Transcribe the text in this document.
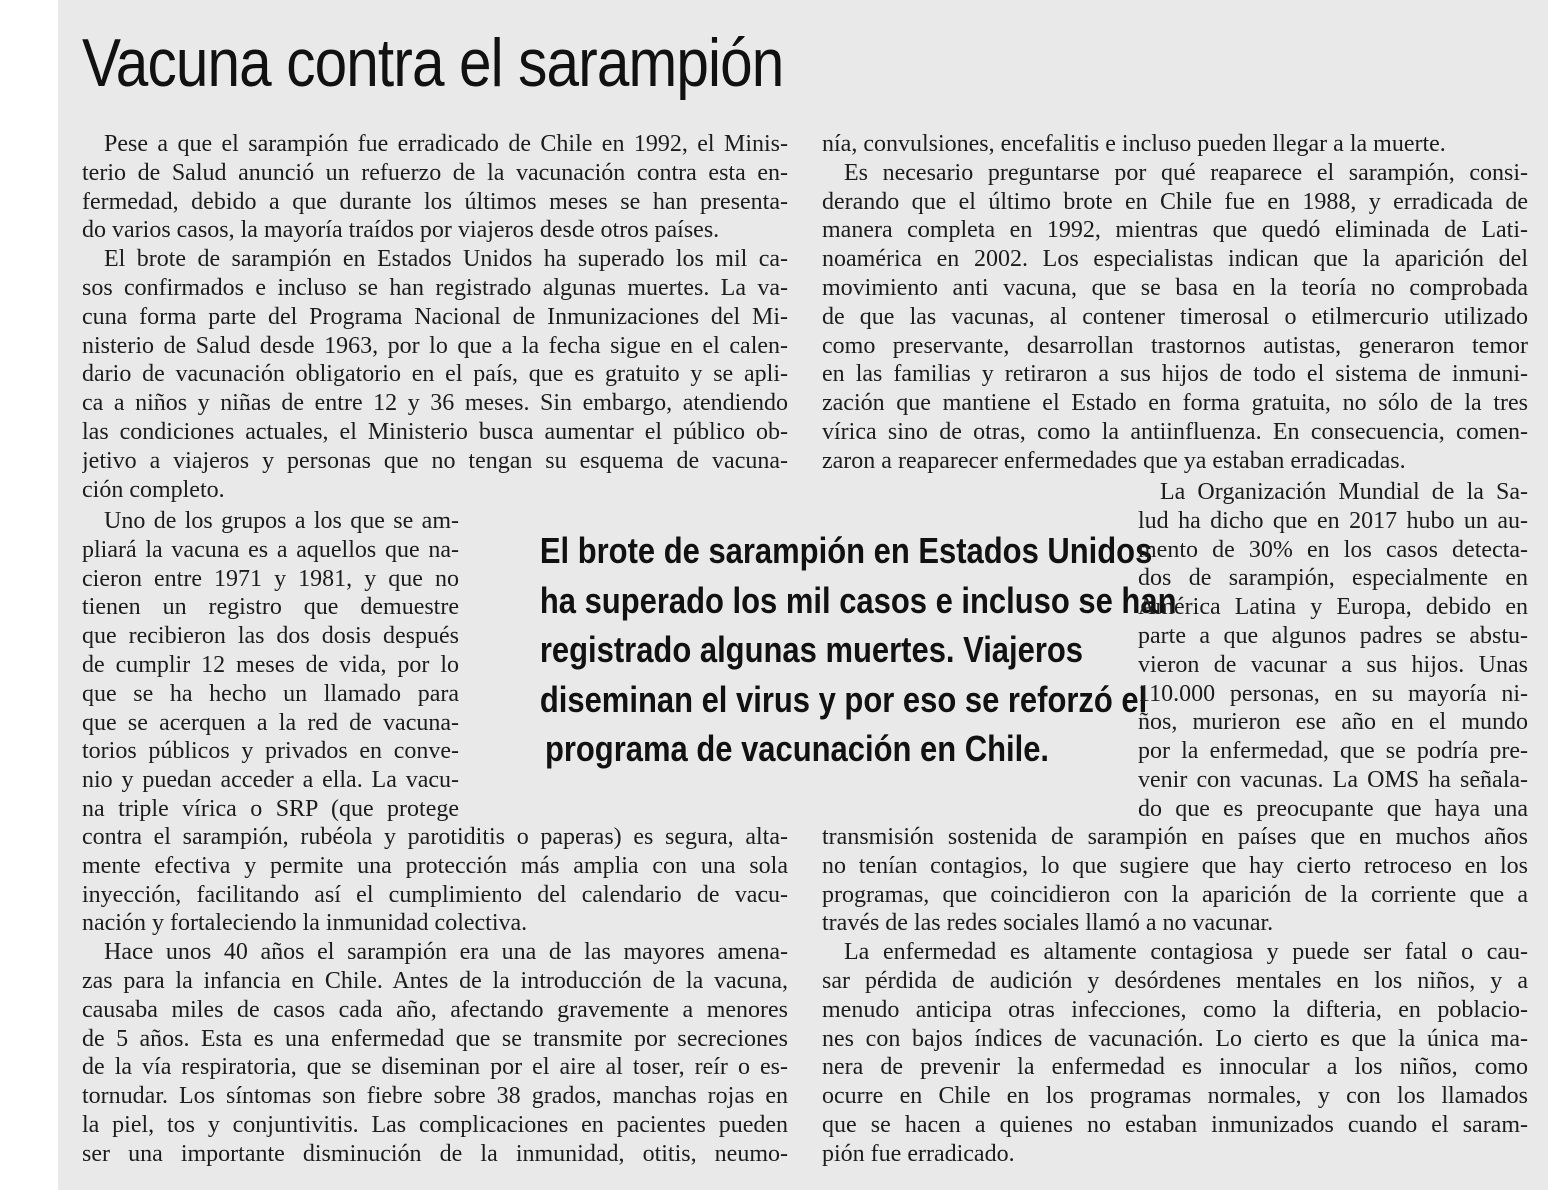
Vacuna contra el sarampión
Pese a que el sarampión fue erradicado de Chile en 1992, el Minis-
terio de Salud anunció un refuerzo de la vacunación contra esta en-
fermedad, debido a que durante los últimos meses se han presenta-
do varios casos, la mayoría traídos por viajeros desde otros países.
El brote de sarampión en Estados Unidos ha superado los mil ca-
sos confirmados e incluso se han registrado algunas muertes. La va-
cuna forma parte del Programa Nacional de Inmunizaciones del Mi-
nisterio de Salud desde 1963, por lo que a la fecha sigue en el calen-
dario de vacunación obligatorio en el país, que es gratuito y se apli-
ca a niños y niñas de entre 12 y 36 meses. Sin embargo, atendiendo
las condiciones actuales, el Ministerio busca aumentar el público ob-
jetivo a viajeros y personas que no tengan su esquema de vacuna-
ción completo.
Uno de los grupos a los que se am-
pliará la vacuna es a aquellos que na-
cieron entre 1971 y 1981, y que no
tienen un registro que demuestre
que recibieron las dos dosis después
de cumplir 12 meses de vida, por lo
que se ha hecho un llamado para
que se acerquen a la red de vacuna-
torios públicos y privados en conve-
nio y puedan acceder a ella. La vacu-
na triple vírica o SRP (que protege
contra el sarampión, rubéola y parotiditis o paperas) es segura, alta-
mente efectiva y permite una protección más amplia con una sola
inyección, facilitando así el cumplimiento del calendario de vacu-
nación y fortaleciendo la inmunidad colectiva.
Hace unos 40 años el sarampión era una de las mayores amena-
zas para la infancia en Chile. Antes de la introducción de la vacuna,
causaba miles de casos cada año, afectando gravemente a menores
de 5 años. Esta es una enfermedad que se transmite por secreciones
de la vía respiratoria, que se diseminan por el aire al toser, reír o es-
tornudar. Los síntomas son fiebre sobre 38 grados, manchas rojas en
la piel, tos y conjuntivitis. Las complicaciones en pacientes pueden
ser una importante disminución de la inmunidad, otitis, neumo-
nía, convulsiones, encefalitis e incluso pueden llegar a la muerte.
Es necesario preguntarse por qué reaparece el sarampión, consi-
derando que el último brote en Chile fue en 1988, y erradicada de
manera completa en 1992, mientras que quedó eliminada de Lati-
noamérica en 2002. Los especialistas indican que la aparición del
movimiento anti vacuna, que se basa en la teoría no comprobada
de que las vacunas, al contener timerosal o etilmercurio utilizado
como preservante, desarrollan trastornos autistas, generaron temor
en las familias y retiraron a sus hijos de todo el sistema de inmuni-
zación que mantiene el Estado en forma gratuita, no sólo de la tres
vírica sino de otras, como la antiinfluenza. En consecuencia, comen-
zaron a reaparecer enfermedades que ya estaban erradicadas.
El brote de sarampión en Estados Unidos
ha superado los mil casos e incluso se han
registrado algunas muertes. Viajeros
diseminan el virus y por eso se reforzó el
programa de vacunación en Chile.
La Organización Mundial de la Sa-
lud ha dicho que en 2017 hubo un au-
mento de 30% en los casos detecta-
dos de sarampión, especialmente en
América Latina y Europa, debido en
parte a que algunos padres se abstu-
vieron de vacunar a sus hijos. Unas
110.000 personas, en su mayoría ni-
ños, murieron ese año en el mundo
por la enfermedad, que se podría pre-
venir con vacunas. La OMS ha señala-
do que es preocupante que haya una
transmisión sostenida de sarampión en países que en muchos años
no tenían contagios, lo que sugiere que hay cierto retroceso en los
programas, que coincidieron con la aparición de la corriente que a
través de las redes sociales llamó a no vacunar.
La enfermedad es altamente contagiosa y puede ser fatal o cau-
sar pérdida de audición y desórdenes mentales en los niños, y a
menudo anticipa otras infecciones, como la difteria, en poblacio-
nes con bajos índices de vacunación. Lo cierto es que la única ma-
nera de prevenir la enfermedad es innocular a los niños, como
ocurre en Chile en los programas normales, y con los llamados
que se hacen a quienes no estaban inmunizados cuando el saram-
pión fue erradicado.
